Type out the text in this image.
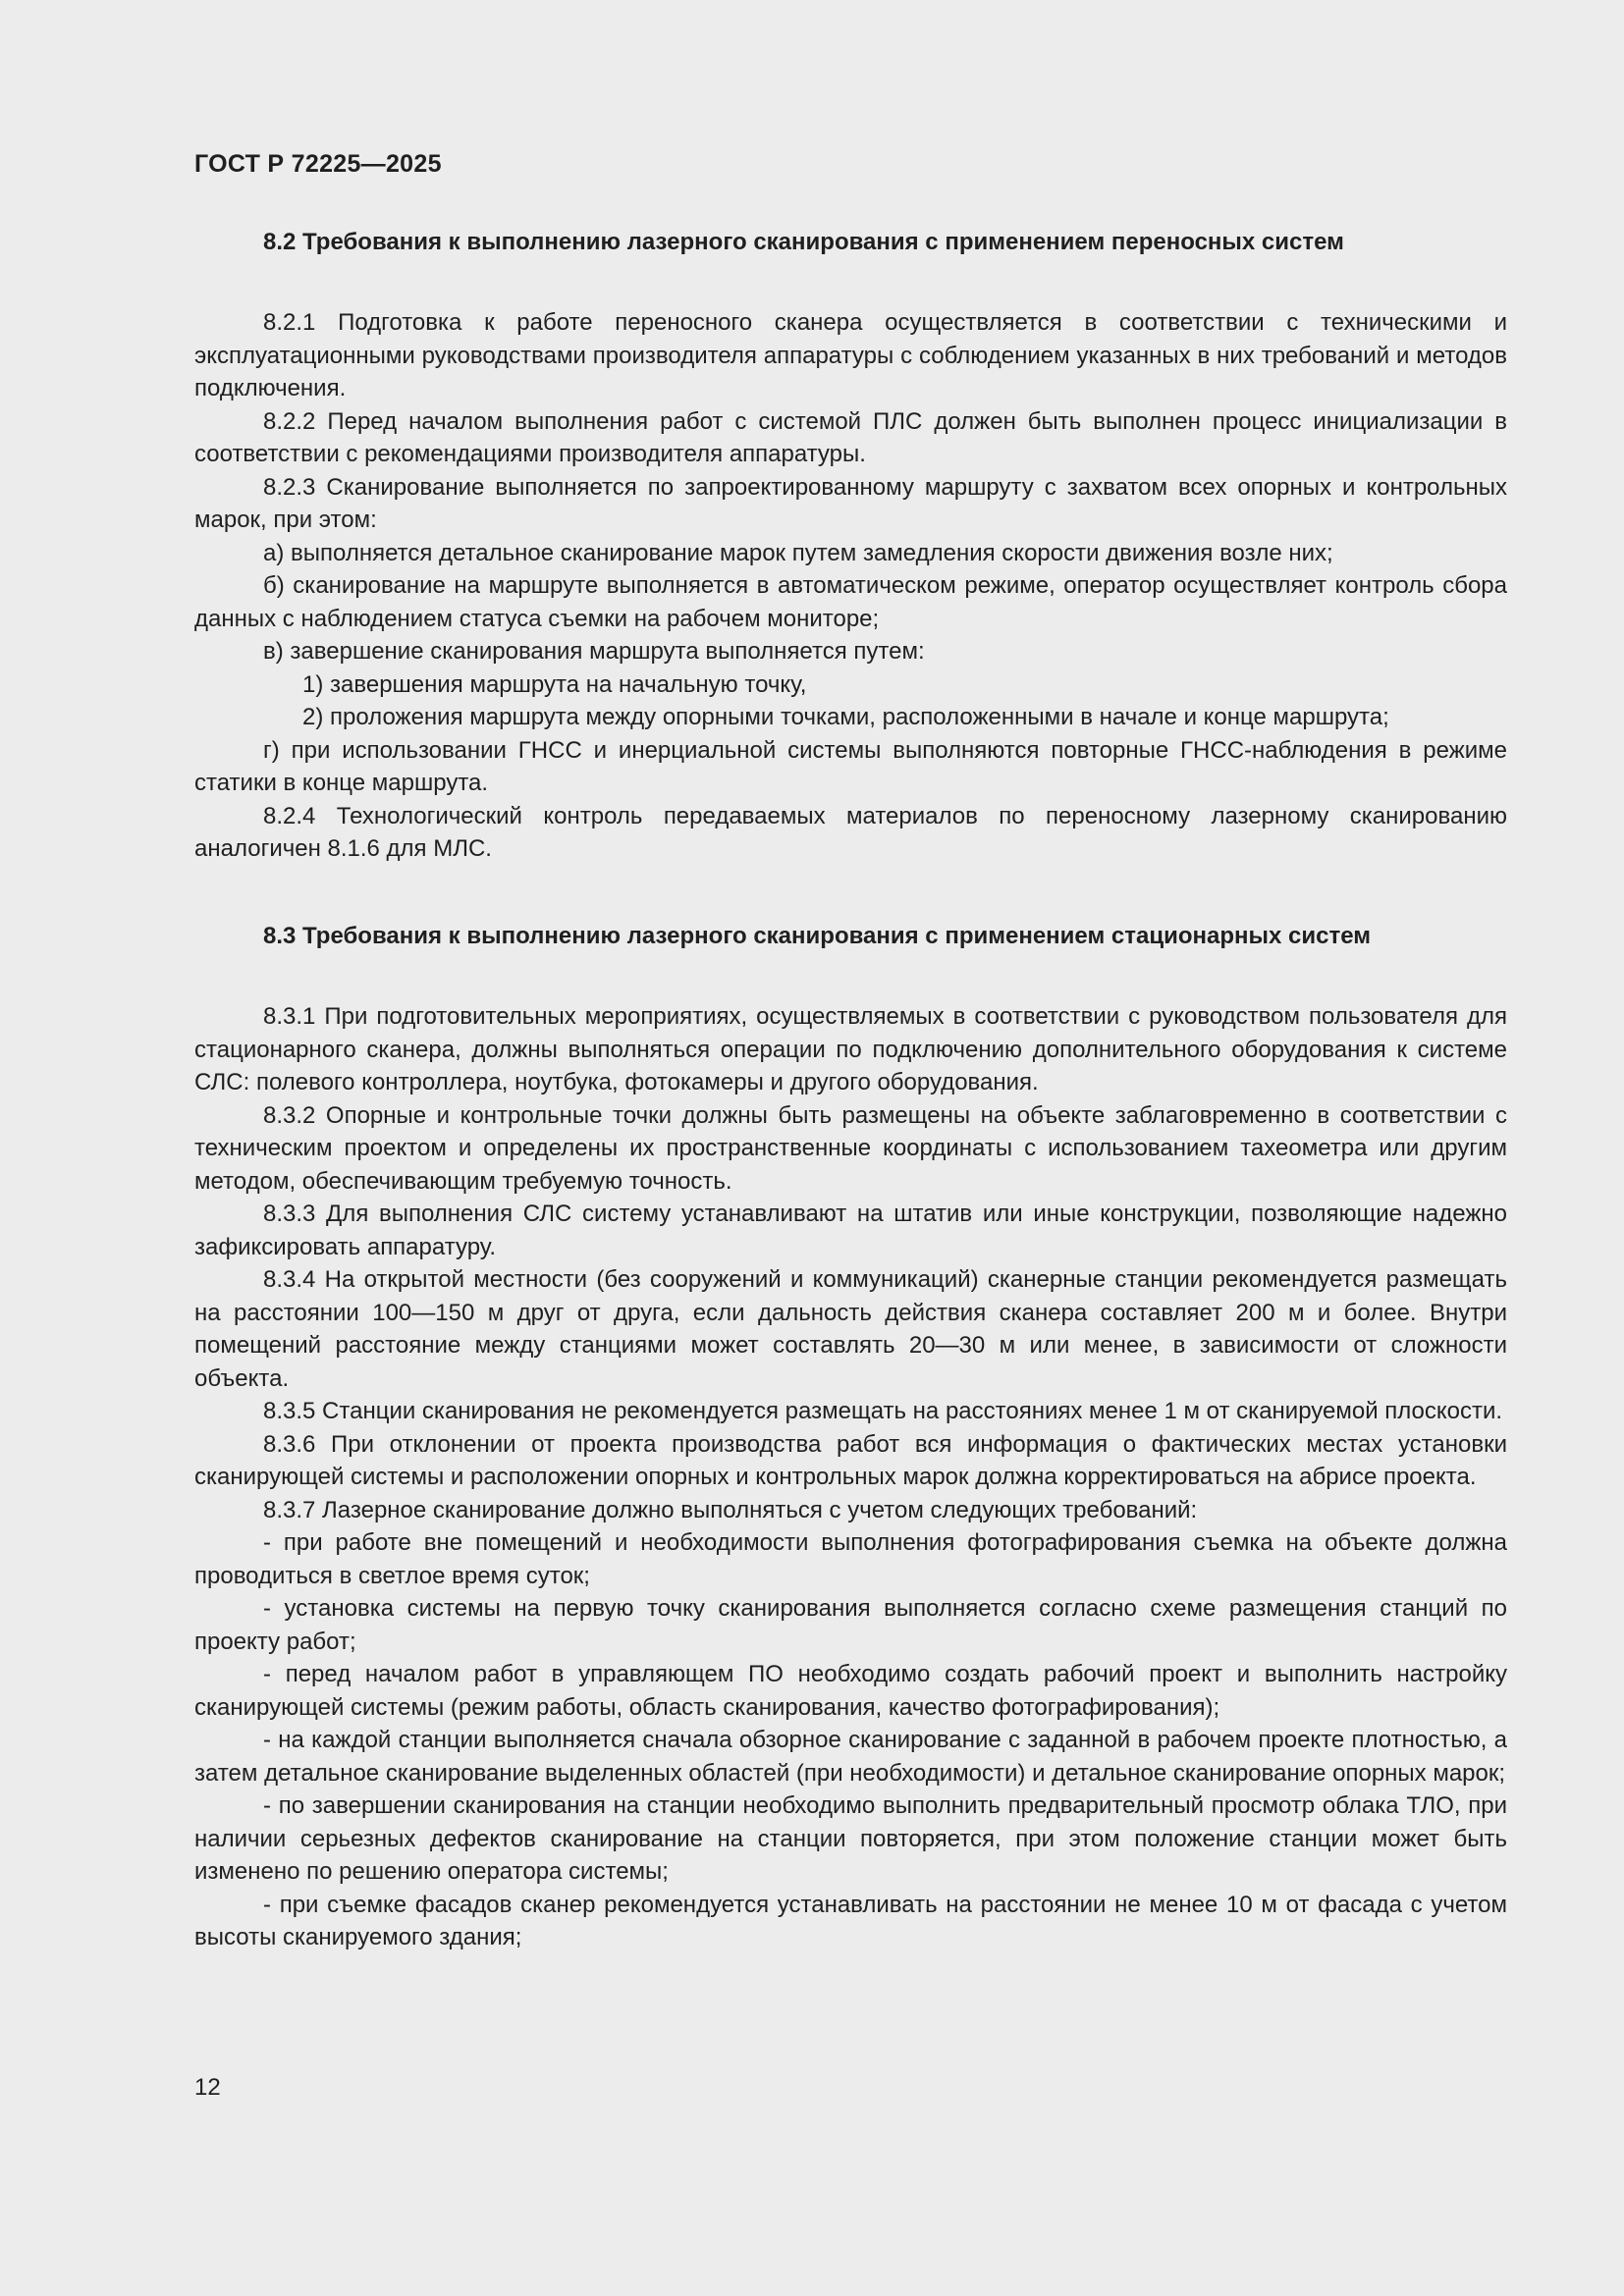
ГОСТ Р 72225—2025
8.2 Требования к выполнению лазерного сканирования с применением переносных систем

8.2.1 Подготовка к работе переносного сканера осуществляется в соответствии с техническими и эксплуатационными руководствами производителя аппаратуры с соблюдением указанных в них требований и методов подключения.

8.2.2 Перед началом выполнения работ с системой ПЛС должен быть выполнен процесс инициализации в соответствии с рекомендациями производителя аппаратуры.

8.2.3 Сканирование выполняется по запроектированному маршруту с захватом всех опорных и контрольных марок, при этом:

а) выполняется детальное сканирование марок путем замедления скорости движения возле них;

б) сканирование на маршруте выполняется в автоматическом режиме, оператор осуществляет контроль сбора данных с наблюдением статуса съемки на рабочем мониторе;

в) завершение сканирования маршрута выполняется путем:

1) завершения маршрута на начальную точку,

2) проложения маршрута между опорными точками, расположенными в начале и конце маршрута;

г) при использовании ГНСС и инерциальной системы выполняются повторные ГНСС-наблюдения в режиме статики в конце маршрута.

8.2.4 Технологический контроль передаваемых материалов по переносному лазерному сканированию аналогичен 8.1.6 для МЛС.

8.3 Требования к выполнению лазерного сканирования с применением стационарных систем

8.3.1 При подготовительных мероприятиях, осуществляемых в соответствии с руководством пользователя для стационарного сканера, должны выполняться операции по подключению дополнительного оборудования к системе СЛС: полевого контроллера, ноутбука, фотокамеры и другого оборудования.

8.3.2 Опорные и контрольные точки должны быть размещены на объекте заблаговременно в соответствии с техническим проектом и определены их пространственные координаты с использованием тахеометра или другим методом, обеспечивающим требуемую точность.

8.3.3 Для выполнения СЛС систему устанавливают на штатив или иные конструкции, позволяющие надежно зафиксировать аппаратуру.

8.3.4 На открытой местности (без сооружений и коммуникаций) сканерные станции рекомендуется размещать на расстоянии 100—150 м друг от друга, если дальность действия сканера составляет 200 м и более. Внутри помещений расстояние между станциями может составлять 20—30 м или менее, в зависимости от сложности объекта.

8.3.5 Станции сканирования не рекомендуется размещать на расстояниях менее 1 м от сканируемой плоскости.

8.3.6 При отклонении от проекта производства работ вся информация о фактических местах установки сканирующей системы и расположении опорных и контрольных марок должна корректироваться на абрисе проекта.

8.3.7 Лазерное сканирование должно выполняться с учетом следующих требований:

- при работе вне помещений и необходимости выполнения фотографирования съемка на объекте должна проводиться в светлое время суток;

- установка системы на первую точку сканирования выполняется согласно схеме размещения станций по проекту работ;

- перед началом работ в управляющем ПО необходимо создать рабочий проект и выполнить настройку сканирующей системы (режим работы, область сканирования, качество фотографирования);

- на каждой станции выполняется сначала обзорное сканирование с заданной в рабочем проекте плотностью, а затем детальное сканирование выделенных областей (при необходимости) и детальное сканирование опорных марок;

- по завершении сканирования на станции необходимо выполнить предварительный просмотр облака ТЛО, при наличии серьезных дефектов сканирование на станции повторяется, при этом положение станции может быть изменено по решению оператора системы;

- при съемке фасадов сканер рекомендуется устанавливать на расстоянии не менее 10 м от фасада с учетом высоты сканируемого здания;

12
